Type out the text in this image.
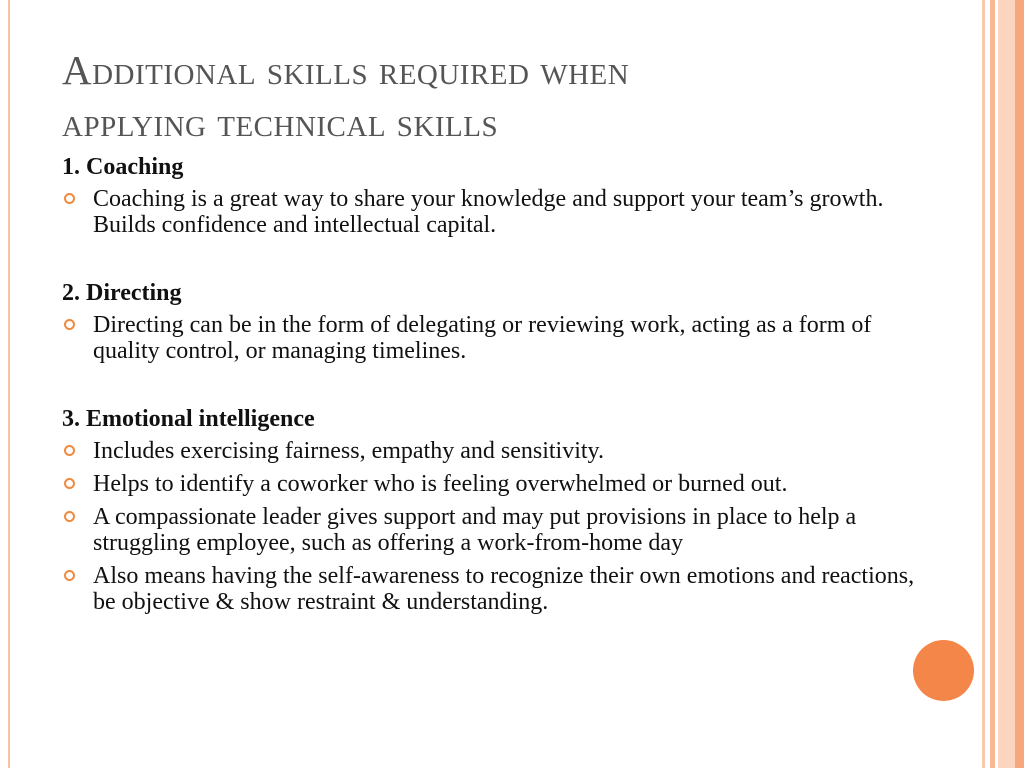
Additional skills required when
applying technical skills
1. Coaching
Coaching is a great way to share your knowledge and support your team’s growth. Builds confidence and intellectual capital.
2. Directing
Directing can be in the form of delegating or reviewing work, acting as a form of quality control, or managing timelines.
3. Emotional intelligence
Includes exercising fairness, empathy and sensitivity.
Helps to identify a coworker who is feeling overwhelmed or burned out.
A compassionate leader gives support and may put provisions in place to help a struggling employee, such as offering a work-from-home day
Also means having the self-awareness to recognize their own emotions and reactions, be objective & show restraint & understanding.
